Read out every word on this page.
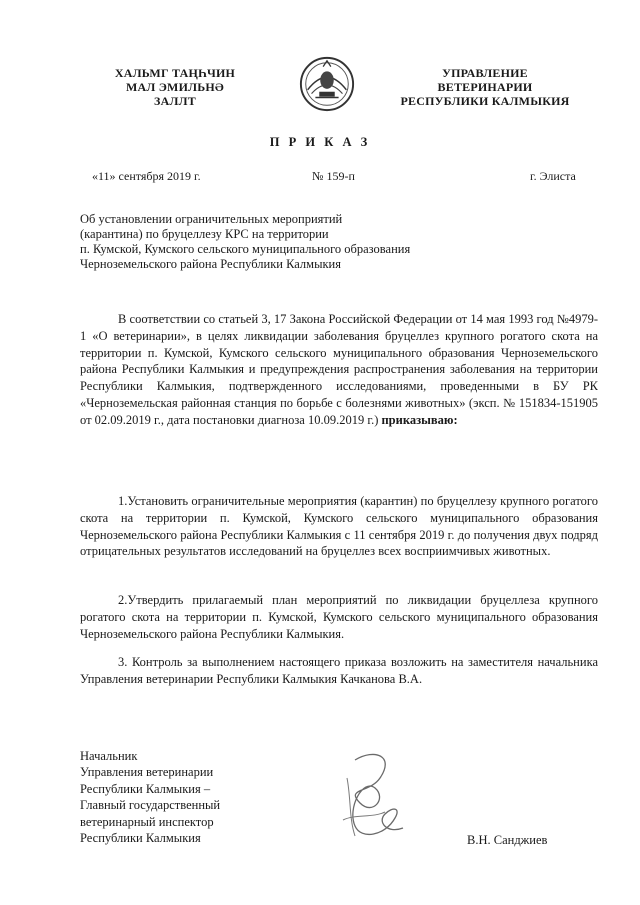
ХАЛЬМГ ТАҢҺЧИН
МАЛ ЭМИЛЬНӘ
ЗАЛЛТ
УПРАВЛЕНИЕ
ВЕТЕРИНАРИИ
РЕСПУБЛИКИ КАЛМЫКИЯ
П Р И К А З
«11» сентября 2019 г.	№ 159-п	г. Элиста
Об установлении ограничительных мероприятий
(карантина) по бруцеллезу КРС на территории
п. Кумской, Кумского сельского муниципального образования
Черноземельского района Республики Калмыкия
В соответствии со статьей 3, 17 Закона Российской Федерации от 14 мая 1993 год №4979-1 «О ветеринарии», в целях ликвидации заболевания бруцеллез крупного рогатого скота на территории п. Кумской, Кумского сельского муниципального образования Черноземельского района Республики Калмыкия и предупреждения распространения заболевания на территории Республики Калмыкия, подтвержденного исследованиями, проведенными в БУ РК «Черноземельская районная станция по борьбе с болезнями животных» (эксп. № 151834-151905 от 02.09.2019 г., дата постановки диагноза 10.09.2019 г.) приказываю:
1.Установить ограничительные мероприятия (карантин) по бруцеллезу крупного рогатого скота на территории п. Кумской, Кумского сельского муниципального образования Черноземельского района Республики Калмыкия с 11 сентября 2019 г. до получения двух подряд отрицательных результатов исследований на бруцеллез всех восприимчивых животных.
2.Утвердить прилагаемый план мероприятий по ликвидации бруцеллеза крупного рогатого скота на территории п. Кумской, Кумского сельского муниципального образования Черноземельского района Республики Калмыкия.
3. Контроль за выполнением настоящего приказа возложить на заместителя начальника Управления ветеринарии Республики Калмыкия Качканова В.А.
Начальник
Управления ветеринарии
Республики Калмыкия –
Главный государственный
ветеринарный инспектор
Республики Калмыкия	В.Н. Санджиев
